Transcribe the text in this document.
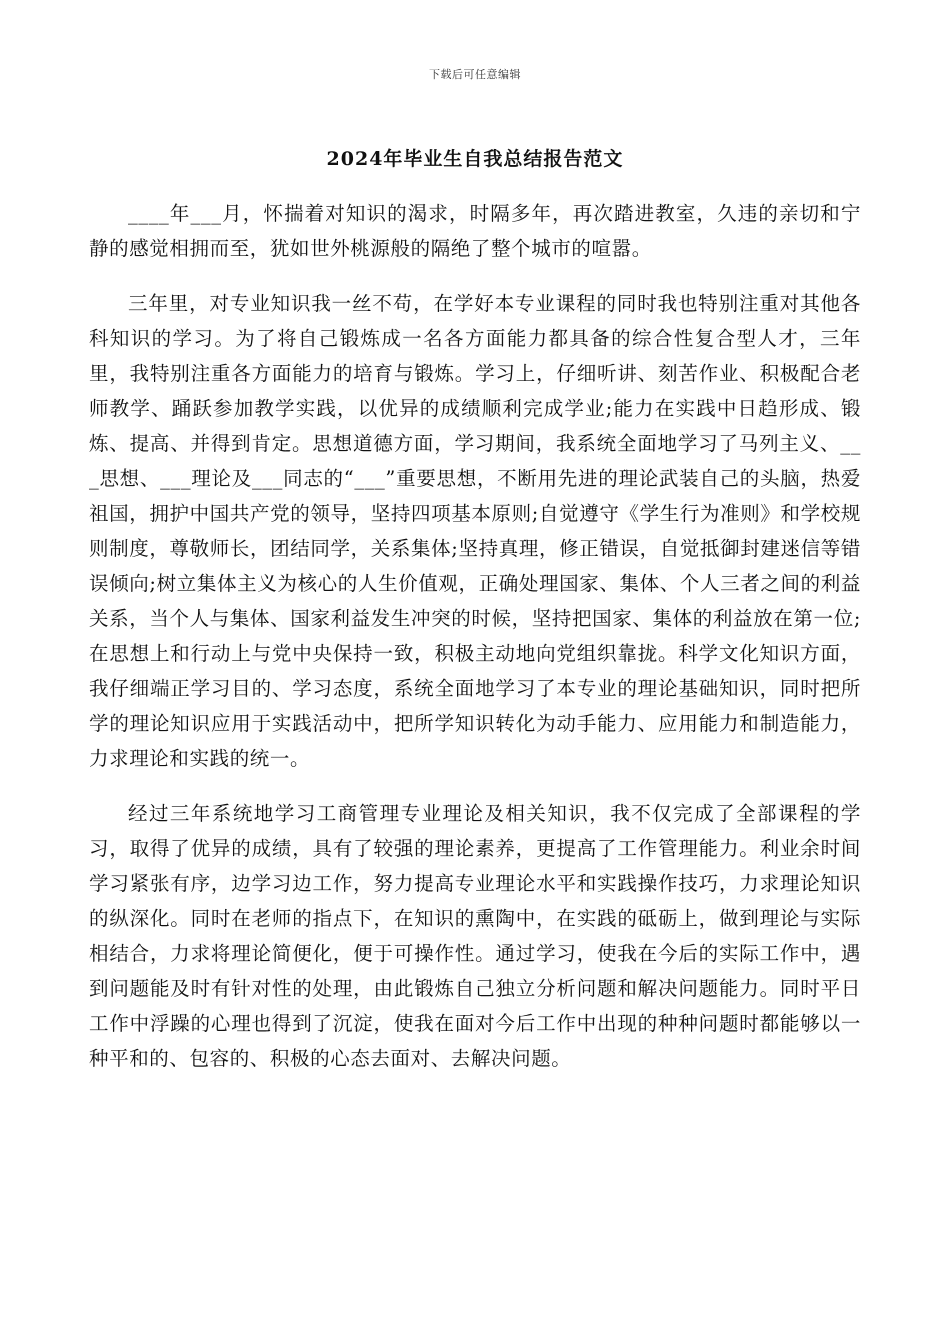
下载后可任意编辑
2024年毕业生自我总结报告范文

____年___月，怀揣着对知识的渴求，时隔多年，再次踏进教室，久违的亲切和宁静的感觉相拥而至，犹如世外桃源般的隔绝了整个城市的喧嚣。

三年里，对专业知识我一丝不苟，在学好本专业课程的同时我也特别注重对其他各科知识的学习。为了将自己锻炼成一名各方面能力都具备的综合性复合型人才，三年里，我特别注重各方面能力的培育与锻炼。学习上，仔细听讲、刻苦作业、积极配合老师教学、踊跃参加教学实践，以优异的成绩顺利完成学业;能力在实践中日趋形成、锻炼、提高、并得到肯定。思想道德方面，学习期间，我系统全面地学习了马列主义、___思想、___理论及___同志的“___”重要思想，不断用先进的理论武装自己的头脑，热爱祖国，拥护中国共产党的领导，坚持四项基本原则;自觉遵守《学生行为准则》和学校规则制度，尊敬师长，团结同学，关系集体;坚持真理，修正错误，自觉抵御封建迷信等错误倾向;树立集体主义为核心的人生价值观，正确处理国家、集体、个人三者之间的利益关系，当个人与集体、国家利益发生冲突的时候，坚持把国家、集体的利益放在第一位;在思想上和行动上与党中央保持一致，积极主动地向党组织靠拢。科学文化知识方面，我仔细端正学习目的、学习态度，系统全面地学习了本专业的理论基础知识，同时把所学的理论知识应用于实践活动中，把所学知识转化为动手能力、应用能力和制造能力，力求理论和实践的统一。

经过三年系统地学习工商管理专业理论及相关知识，我不仅完成了全部课程的学习，取得了优异的成绩，具有了较强的理论素养，更提高了工作管理能力。利业余时间学习紧张有序，边学习边工作，努力提高专业理论水平和实践操作技巧，力求理论知识的纵深化。同时在老师的指点下，在知识的熏陶中，在实践的砥砺上，做到理论与实际相结合，力求将理论简便化，便于可操作性。通过学习，使我在今后的实际工作中，遇到问题能及时有针对性的处理，由此锻炼自己独立分析问题和解决问题能力。同时平日工作中浮躁的心理也得到了沉淀，使我在面对今后工作中出现的种种问题时都能够以一种平和的、包容的、积极的心态去面对、去解决问题。
